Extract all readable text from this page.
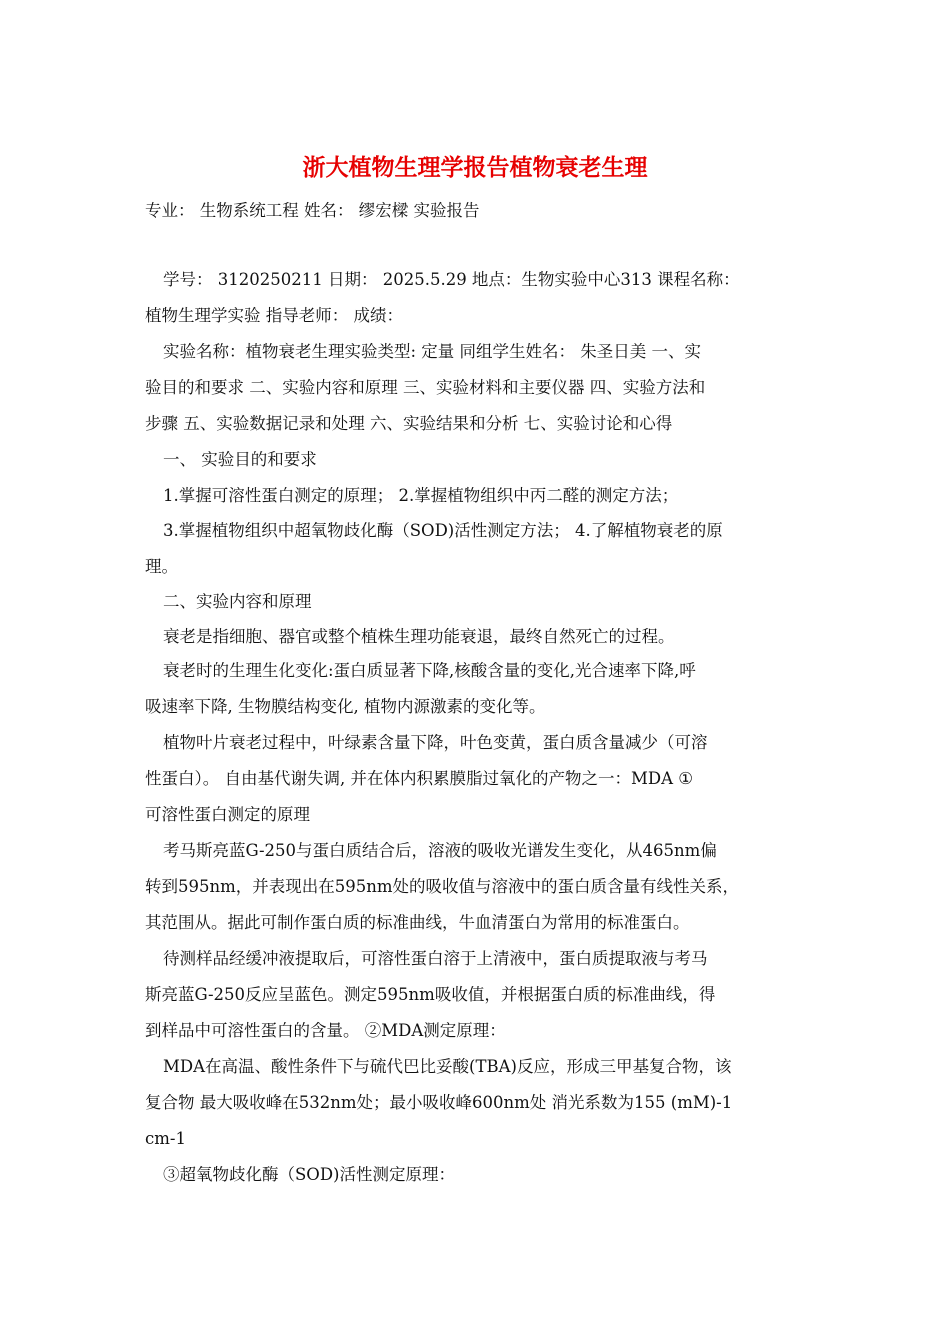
浙大植物生理学报告植物衰老生理

专业： 生物系统工程 姓名： 缪宏樑 实验报告

学号： 3120250211 日期： 2025.5.29 地点：生物实验中心313 课程名称：

植物生理学实验 指导老师： 成绩：

实验名称：植物衰老生理实验类型: 定量 同组学生姓名： 朱圣日美 一、实

验目的和要求 二、实验内容和原理 三、实验材料和主要仪器 四、实验方法和

步骤 五、实验数据记录和处理 六、实验结果和分析 七、实验讨论和心得

一、 实验目的和要求

1.掌握可溶性蛋白测定的原理； 2.掌握植物组织中丙二醛的测定方法；

3.掌握植物组织中超氧物歧化酶（SOD)活性测定方法； 4.了解植物衰老的原

理。

二、实验内容和原理

衰老是指细胞、器官或整个植株生理功能衰退，最终自然死亡的过程。

衰老时的生理生化变化:蛋白质显著下降,核酸含量的变化,光合速率下降,呼

吸速率下降, 生物膜结构变化, 植物内源激素的变化等。

植物叶片衰老过程中，叶绿素含量下降，叶色变黄，蛋白质含量减少（可溶

性蛋白）。 自由基代谢失调, 并在体内积累膜脂过氧化的产物之一：MDA ①

可溶性蛋白测定的原理

考马斯亮蓝G-250与蛋白质结合后，溶液的吸收光谱发生变化，从465nm偏

转到595nm，并表现出在595nm处的吸收值与溶液中的蛋白质含量有线性关系，

其范围从。据此可制作蛋白质的标准曲线，牛血清蛋白为常用的标准蛋白。

待测样品经缓冲液提取后，可溶性蛋白溶于上清液中，蛋白质提取液与考马

斯亮蓝G-250反应呈蓝色。测定595nm吸收值，并根据蛋白质的标准曲线，得

到样品中可溶性蛋白的含量。 ②MDA测定原理：

MDA在高温、酸性条件下与硫代巴比妥酸(TBA)反应，形成三甲基复合物，该

复合物 最大吸收峰在532nm处；最小吸收峰600nm处 消光系数为155 (mM)-1

cm-1

③超氧物歧化酶（SOD)活性测定原理：
